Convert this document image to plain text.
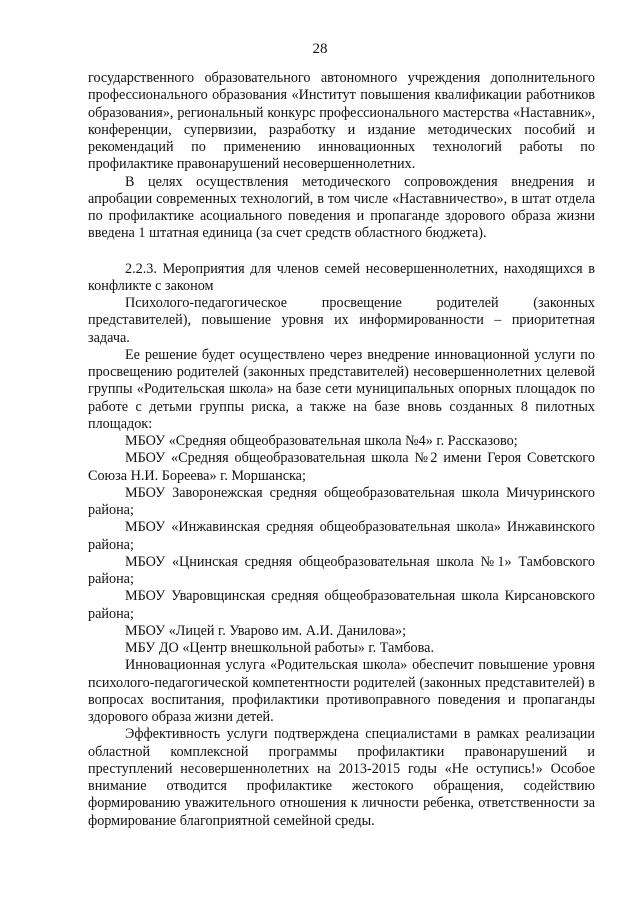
28

государственного образовательного автономного учреждения дополнительного профессионального образования «Институт повышения квалификации работников образования», региональный конкурс профессионального мастерства «Наставник», конференции, супервизии, разработку и издание методических пособий и рекомендаций по применению инновационных технологий работы по профилактике правонарушений несовершеннолетних.

В целях осуществления методического сопровождения внедрения и апробации современных технологий, в том числе «Наставничество», в штат отдела по профилактике асоциального поведения и пропаганде здорового образа жизни введена 1 штатная единица (за счет средств областного бюджета).

2.2.3. Мероприятия для членов семей несовершеннолетних, находящихся в конфликте с законом

Психолого-педагогическое просвещение родителей (законных представителей), повышение уровня их информированности – приоритетная задача.

Ее решение будет осуществлено через внедрение инновационной услуги по просвещению родителей (законных представителей) несовершеннолетних целевой группы «Родительская школа» на базе сети муниципальных опорных площадок по работе с детьми группы риска, а также на базе вновь созданных 8 пилотных площадок:

МБОУ «Средняя общеобразовательная школа №4» г. Рассказово;

МБОУ «Средняя общеобразовательная школа №2 имени Героя Советского Союза Н.И. Бореева» г. Моршанска;

МБОУ Заворонежская средняя общеобразовательная школа Мичуринского района;

МБОУ «Инжавинская средняя общеобразовательная школа» Инжавинского района;

МБОУ «Цнинская средняя общеобразовательная школа №1» Тамбовского района;

МБОУ Уваровщинская средняя общеобразовательная школа Кирсановского района;

МБОУ «Лицей г. Уварово им. А.И. Данилова»;

МБУ ДО «Центр внешкольной работы» г. Тамбова.

Инновационная услуга «Родительская школа» обеспечит повышение уровня психолого-педагогической компетентности родителей (законных представителей) в вопросах воспитания, профилактики противоправного поведения и пропаганды здорового образа жизни детей.

Эффективность услуги подтверждена специалистами в рамках реализации областной комплексной программы профилактики правонарушений и преступлений несовершеннолетних на 2013-2015 годы «Не оступись!» Особое внимание отводится профилактике жестокого обращения, содействию формированию уважительного отношения к личности ребенка, ответственности за формирование благоприятной семейной среды.
